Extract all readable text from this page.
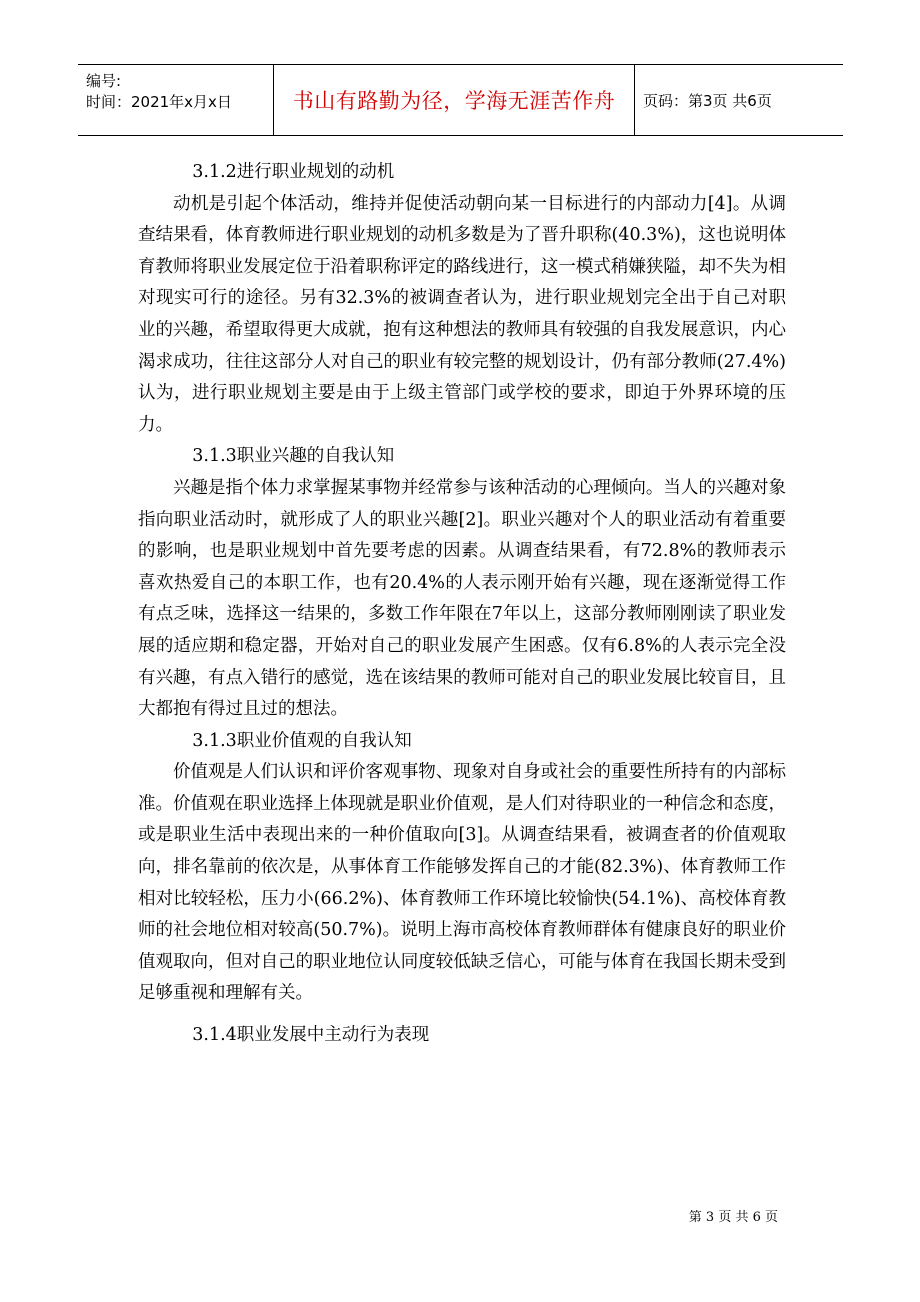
编号:
时间：2021年x月x日	书山有路勤为径，学海无涯苦作舟	页码：第3页 共6页
3.1.2进行职业规划的动机

动机是引起个体活动，维持并促使活动朝向某一目标进行的内部动力[4]。从调查结果看，体育教师进行职业规划的动机多数是为了晋升职称(40.3%)，这也说明体育教师将职业发展定位于沿着职称评定的路线进行，这一模式稍嫌狭隘，却不失为相对现实可行的途径。另有32.3%的被调查者认为，进行职业规划完全出于自己对职业的兴趣，希望取得更大成就，抱有这种想法的教师具有较强的自我发展意识，内心渴求成功，往往这部分人对自己的职业有较完整的规划设计，仍有部分教师(27.4%)认为，进行职业规划主要是由于上级主管部门或学校的要求，即迫于外界环境的压力。

3.1.3职业兴趣的自我认知

兴趣是指个体力求掌握某事物并经常参与该种活动的心理倾向。当人的兴趣对象指向职业活动时，就形成了人的职业兴趣[2]。职业兴趣对个人的职业活动有着重要的影响，也是职业规划中首先要考虑的因素。从调查结果看，有72.8%的教师表示喜欢热爱自己的本职工作，也有20.4%的人表示刚开始有兴趣，现在逐渐觉得工作有点乏味，选择这一结果的，多数工作年限在7年以上，这部分教师刚刚读了职业发展的适应期和稳定器，开始对自己的职业发展产生困惑。仅有6.8%的人表示完全没有兴趣，有点入错行的感觉，选在该结果的教师可能对自己的职业发展比较盲目，且大都抱有得过且过的想法。

3.1.3职业价值观的自我认知

价值观是人们认识和评价客观事物、现象对自身或社会的重要性所持有的内部标准。价值观在职业选择上体现就是职业价值观，是人们对待职业的一种信念和态度，或是职业生活中表现出来的一种价值取向[3]。从调查结果看，被调查者的价值观取向，排名靠前的依次是，从事体育工作能够发挥自己的才能(82.3%)、体育教师工作相对比较轻松，压力小(66.2%)、体育教师工作环境比较愉快(54.1%)、高校体育教师的社会地位相对较高(50.7%)。说明上海市高校体育教师群体有健康良好的职业价值观取向，但对自己的职业地位认同度较低缺乏信心，可能与体育在我国长期未受到足够重视和理解有关。

3.1.4职业发展中主动行为表现
第 3 页 共 6 页
